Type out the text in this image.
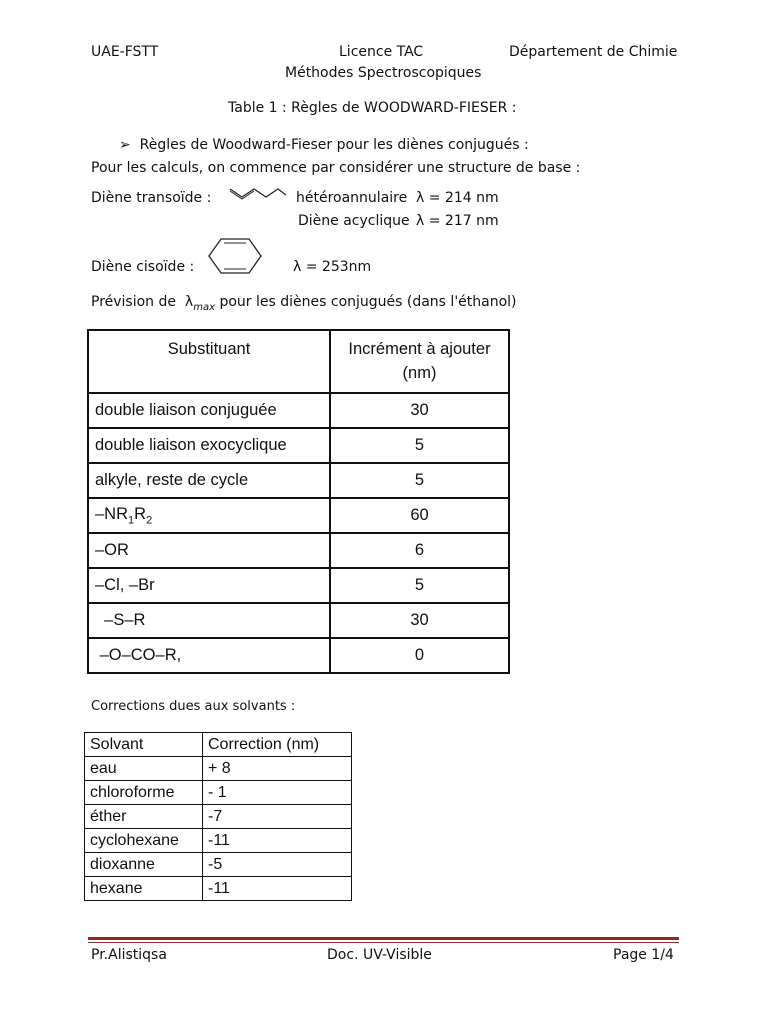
UAE-FSTT	Licence TAC	Département de Chimie
Méthodes Spectroscopiques
Table 1 : Règles de WOODWARD-FIESER :
➢ Règles de Woodward-Fieser pour les diènes conjugués :
Pour les calculs, on commence par considérer une structure de base :
Diène transoïde :	hétéroannulaire λ = 214 nm
Diène acyclique λ = 217 nm
Diène cisoïde :	λ = 253nm
Prévision de $\lambda_{max}$ pour les diènes conjugués (dans l'éthanol)
Substituant	Incrément à ajouter
(nm)

double liaison conjuguée	30
double liaison exocyclique	5
alkyle, reste de cycle	5
$-NR_1R_2$	60
–OR	6
–Cl, –Br	5
–S–R	30
–O–CO–R,	0
Corrections dues aux solvants :
Solvant	Correction (nm)
eau	+ 8
chloroforme	- 1
éther	-7
cyclohexane	-11
dioxanne	-5
hexane	-11
Pr.Alistiqsa	Doc. UV-Visible	Page 1/4
